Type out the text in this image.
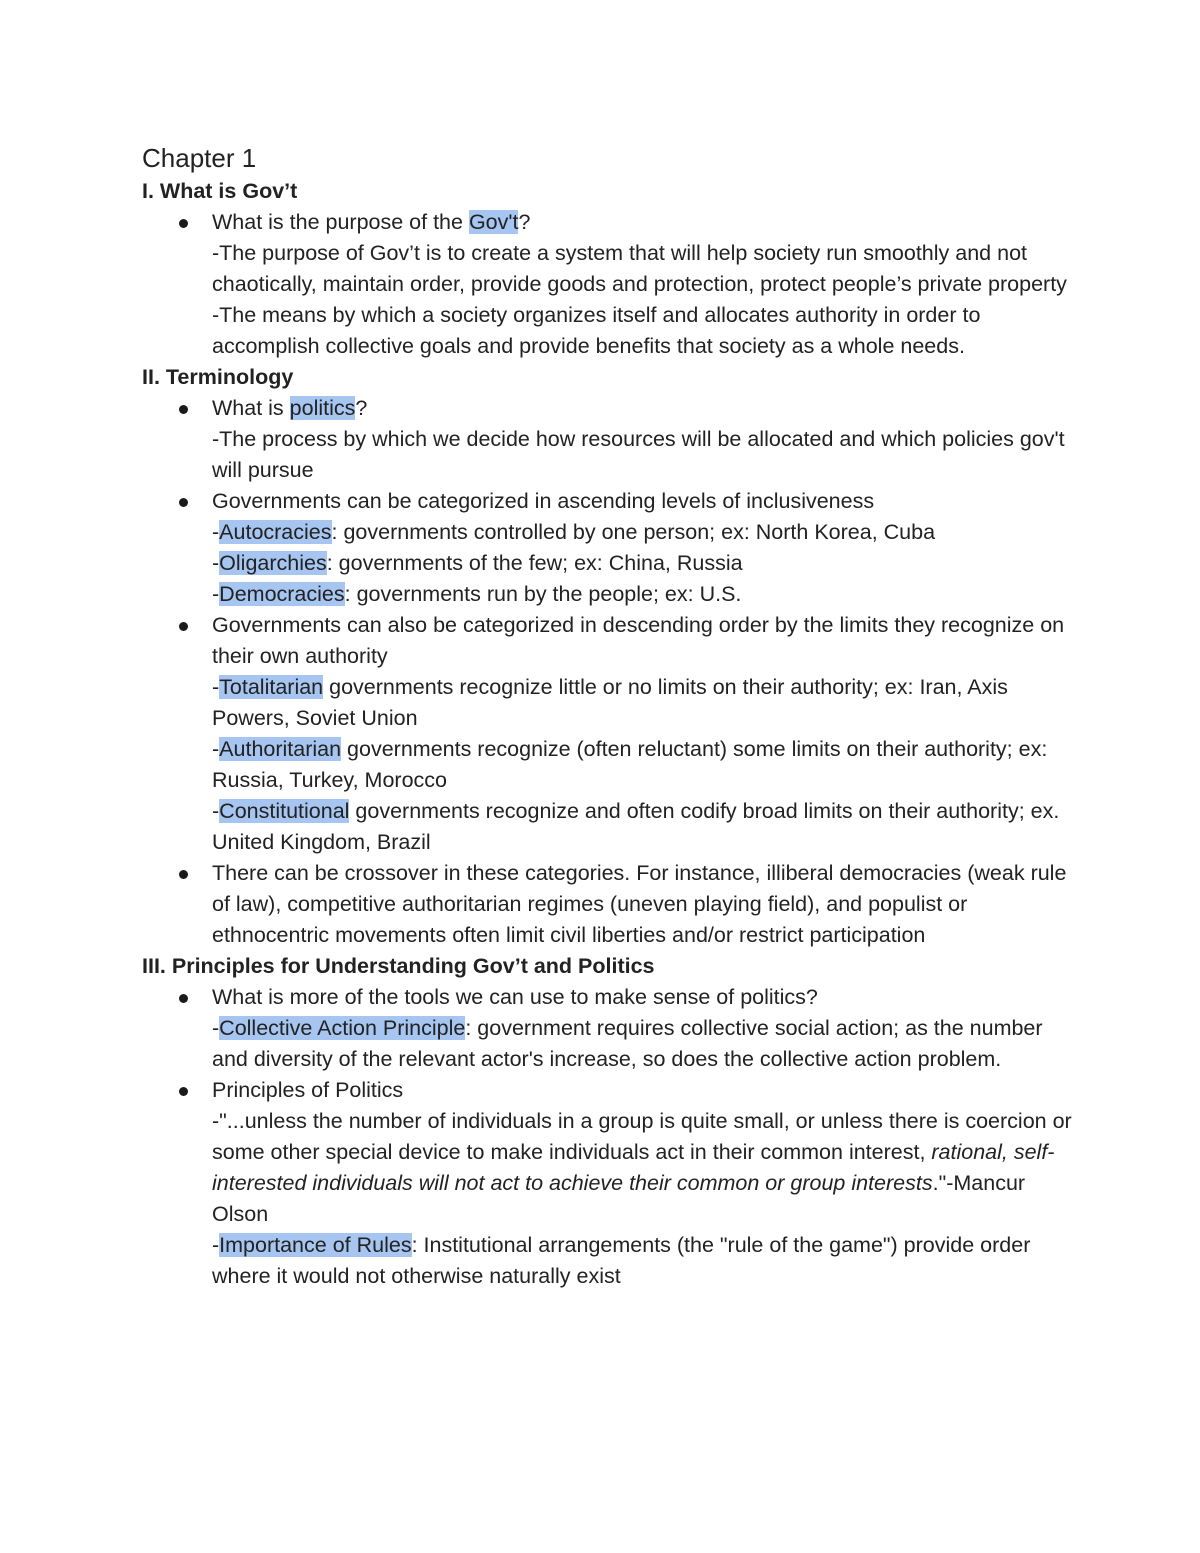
Chapter 1
I. What is Gov’t
What is the purpose of the Gov't?
-The purpose of Gov’t is to create a system that will help society run smoothly and not chaotically, maintain order, provide goods and protection, protect people’s private property
-The means by which a society organizes itself and allocates authority in order to accomplish collective goals and provide benefits that society as a whole needs.
II. Terminology
What is politics?
-The process by which we decide how resources will be allocated and which policies gov't will pursue
Governments can be categorized in ascending levels of inclusiveness
-Autocracies: governments controlled by one person; ex: North Korea, Cuba
-Oligarchies: governments of the few; ex: China, Russia
-Democracies: governments run by the people; ex: U.S.
Governments can also be categorized in descending order by the limits they recognize on their own authority
-Totalitarian governments recognize little or no limits on their authority; ex: Iran, Axis Powers, Soviet Union
-Authoritarian governments recognize (often reluctant) some limits on their authority; ex: Russia, Turkey, Morocco
-Constitutional governments recognize and often codify broad limits on their authority; ex. United Kingdom, Brazil
There can be crossover in these categories. For instance, illiberal democracies (weak rule of law), competitive authoritarian regimes (uneven playing field), and populist or ethnocentric movements often limit civil liberties and/or restrict participation
III. Principles for Understanding Gov’t and Politics
What is more of the tools we can use to make sense of politics?
-Collective Action Principle: government requires collective social action; as the number and diversity of the relevant actor's increase, so does the collective action problem.
Principles of Politics
-"...unless the number of individuals in a group is quite small, or unless there is coercion or some other special device to make individuals act in their common interest, rational, self-interested individuals will not act to achieve their common or group interests."-Mancur Olson
-Importance of Rules: Institutional arrangements (the "rule of the game") provide order where it would not otherwise naturally exist
